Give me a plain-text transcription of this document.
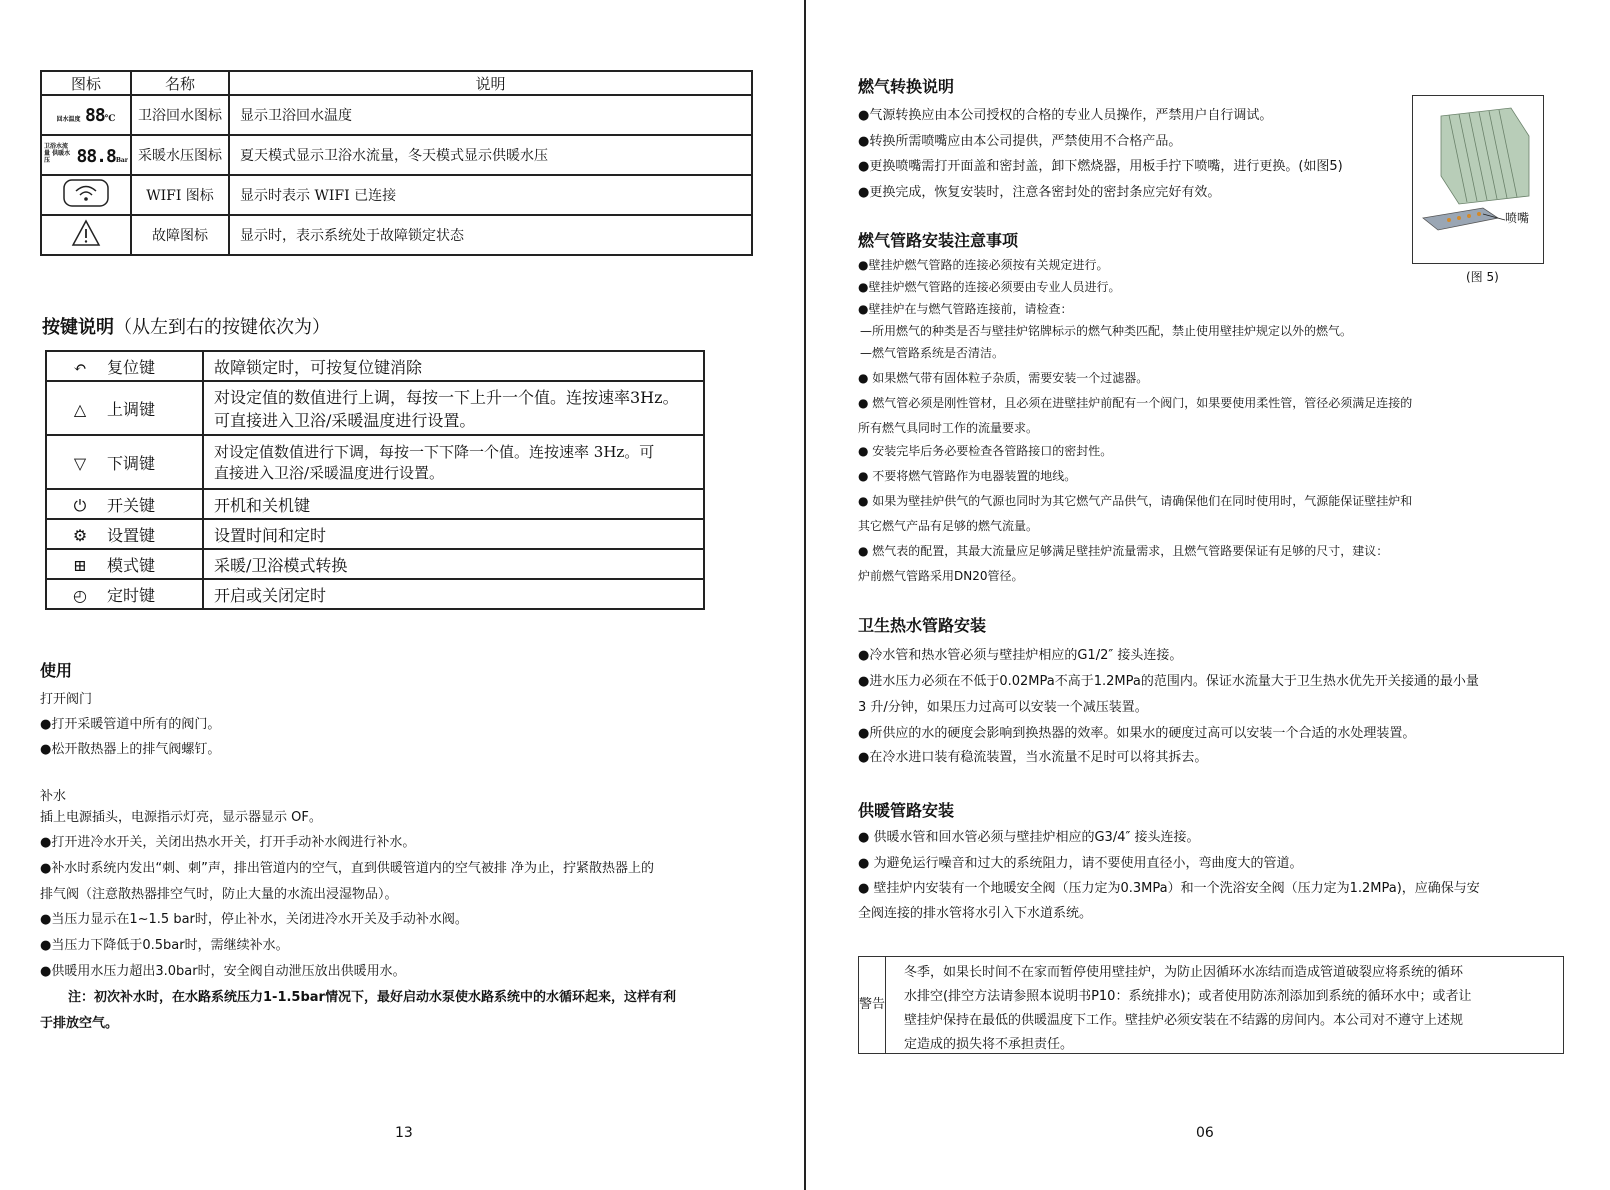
图标	名称	说明
回水温度 88℃	卫浴回水图标	显示卫浴回水温度
卫浴水流量 供暖水压 88.8Bar	采暖水压图标	夏天模式显示卫浴水流量，冬天模式显示供暖水压
	WIFI 图标	显示时表示 WIFI 已连接
	故障图标	显示时，表示系统处于故障锁定状态
按键说明（从左到右的按键依次为）
↶ 复位键	故障锁定时，可按复位键消除
△ 上调键	对设定值的数值进行上调，每按一下上升一个值。连按速率3Hz。
可直接进入卫浴/采暖温度进行设置。

▽ 下调键	对设定值数值进行下调，每按一下下降一个值。连按速率 3Hz。可
直接进入卫浴/采暖温度进行设置。

⏻ 开关键	开机和关机键
⚙ 设置键	设置时间和定时
⊞ 模式键	采暖/卫浴模式转换
◴ 定时键	开启或关闭定时
使用
打开阀门
●打开采暖管道中所有的阀门。
●松开散热器上的排气阀螺钉。
补水
插上电源插头，电源指示灯亮，显示器显示 OF。
●打开进冷水开关，关闭出热水开关，打开手动补水阀进行补水。
●补水时系统内发出“刺、刺”声，排出管道内的空气，直到供暖管道内的空气被排 净为止，拧紧散热器上的
排气阀（注意散热器排空气时，防止大量的水流出浸湿物品）。
●当压力显示在1~1.5 bar时，停止补水，关闭进冷水开关及手动补水阀。
●当压力下降低于0.5bar时，需继续补水。
●供暖用水压力超出3.0bar时，安全阀自动泄压放出供暖用水。
注：初次补水时，在水路系统压力1-1.5bar情况下，最好启动水泵使水路系统中的水循环起来，这样有利
于排放空气。
13
燃气转换说明
●气源转换应由本公司授权的合格的专业人员操作，严禁用户自行调试。
●转换所需喷嘴应由本公司提供，严禁使用不合格产品。
●更换喷嘴需打开面盖和密封盖，卸下燃烧器，用板手拧下喷嘴，进行更换。(如图5)
●更换完成，恢复安装时，注意各密封处的密封条应完好有效。
喷嘴
(图 5)
燃气管路安装注意事项
●壁挂炉燃气管路的连接必须按有关规定进行。
●壁挂炉燃气管路的连接必须要由专业人员进行。
●壁挂炉在与燃气管路连接前，请检查：
—所用燃气的种类是否与壁挂炉铭牌标示的燃气种类匹配，禁止使用壁挂炉规定以外的燃气。
—燃气管路系统是否清洁。
● 如果燃气带有固体粒子杂质，需要安装一个过滤器。
● 燃气管必须是刚性管材，且必须在进壁挂炉前配有一个阀门，如果要使用柔性管，管径必须满足连接的
所有燃气具同时工作的流量要求。
● 安装完毕后务必要检查各管路接口的密封性。
● 不要将燃气管路作为电器装置的地线。
● 如果为壁挂炉供气的气源也同时为其它燃气产品供气，请确保他们在同时使用时，气源能保证壁挂炉和
其它燃气产品有足够的燃气流量。
● 燃气表的配置，其最大流量应足够满足壁挂炉流量需求，且燃气管路要保证有足够的尺寸，建议：
炉前燃气管路采用DN20管径。
卫生热水管路安装
●冷水管和热水管必须与壁挂炉相应的G1/2″ 接头连接。
●进水压力必须在不低于0.02MPa不高于1.2MPa的范围内。保证水流量大于卫生热水优先开关接通的最小量
3 升/分钟，如果压力过高可以安装一个减压装置。
●所供应的水的硬度会影响到换热器的效率。如果水的硬度过高可以安装一个合适的水处理装置。
●在冷水进口装有稳流装置，当水流量不足时可以将其拆去。
供暖管路安装
● 供暖水管和回水管必须与壁挂炉相应的G3/4″ 接头连接。
● 为避免运行噪音和过大的系统阻力，请不要使用直径小，弯曲度大的管道。
● 壁挂炉内安装有一个地暖安全阀（压力定为0.3MPa）和一个洗浴安全阀（压力定为1.2MPa)，应确保与安
全阀连接的排水管将水引入下水道系统。
警告
冬季，如果长时间不在家而暂停使用壁挂炉，为防止因循环水冻结而造成管道破裂应将系统的循环
水排空(排空方法请参照本说明书P10：系统排水)；或者使用防冻剂添加到系统的循环水中；或者让
壁挂炉保持在最低的供暖温度下工作。壁挂炉必须安装在不结露的房间内。本公司对不遵守上述规
定造成的损失将不承担责任。
06
